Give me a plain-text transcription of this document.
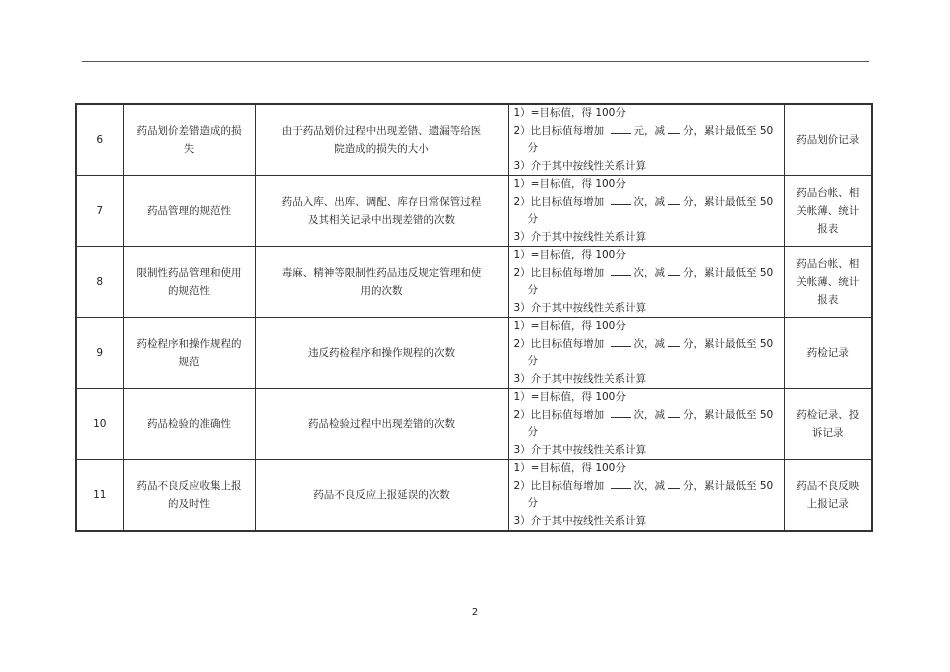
6	药品划价差错造成的损失	由于药品划价过程中出现差错、遗漏等给医院造成的损失的大小	1）=目标值，得 100分
2）比目标值每增加 元，减 分，累计最低至 50
分
3）介于其中按线性关系计算	药品划价记录
7	药品管理的规范性	药品入库、出库、调配、库存日常保管过程及其相关记录中出现差错的次数	1）=目标值，得 100分
2）比目标值每增加 次，减 分，累计最低至 50
分
3）介于其中按线性关系计算	药品台帐、相关帐薄、统计报表
8	限制性药品管理和使用的规范性	毒麻、精神等限制性药品违反规定管理和使用的次数	1）=目标值，得 100分
2）比目标值每增加 次，减 分，累计最低至 50
分
3）介于其中按线性关系计算	药品台帐、相关帐薄、统计报表
9	药检程序和操作规程的规范	违反药检程序和操作规程的次数	1）=目标值，得 100分
2）比目标值每增加 次，减 分，累计最低至 50
分
3）介于其中按线性关系计算	药检记录
10	药品检验的准确性	药品检验过程中出现差错的次数	1）=目标值，得 100分
2）比目标值每增加 次，减 分，累计最低至 50
分
3）介于其中按线性关系计算	药检记录、投诉记录
11	药品不良反应收集上报的及时性	药品不良反应上报延误的次数	1）=目标值，得 100分
2）比目标值每增加 次，减 分，累计最低至 50
分
3）介于其中按线性关系计算	药品不良反映上报记录
2
